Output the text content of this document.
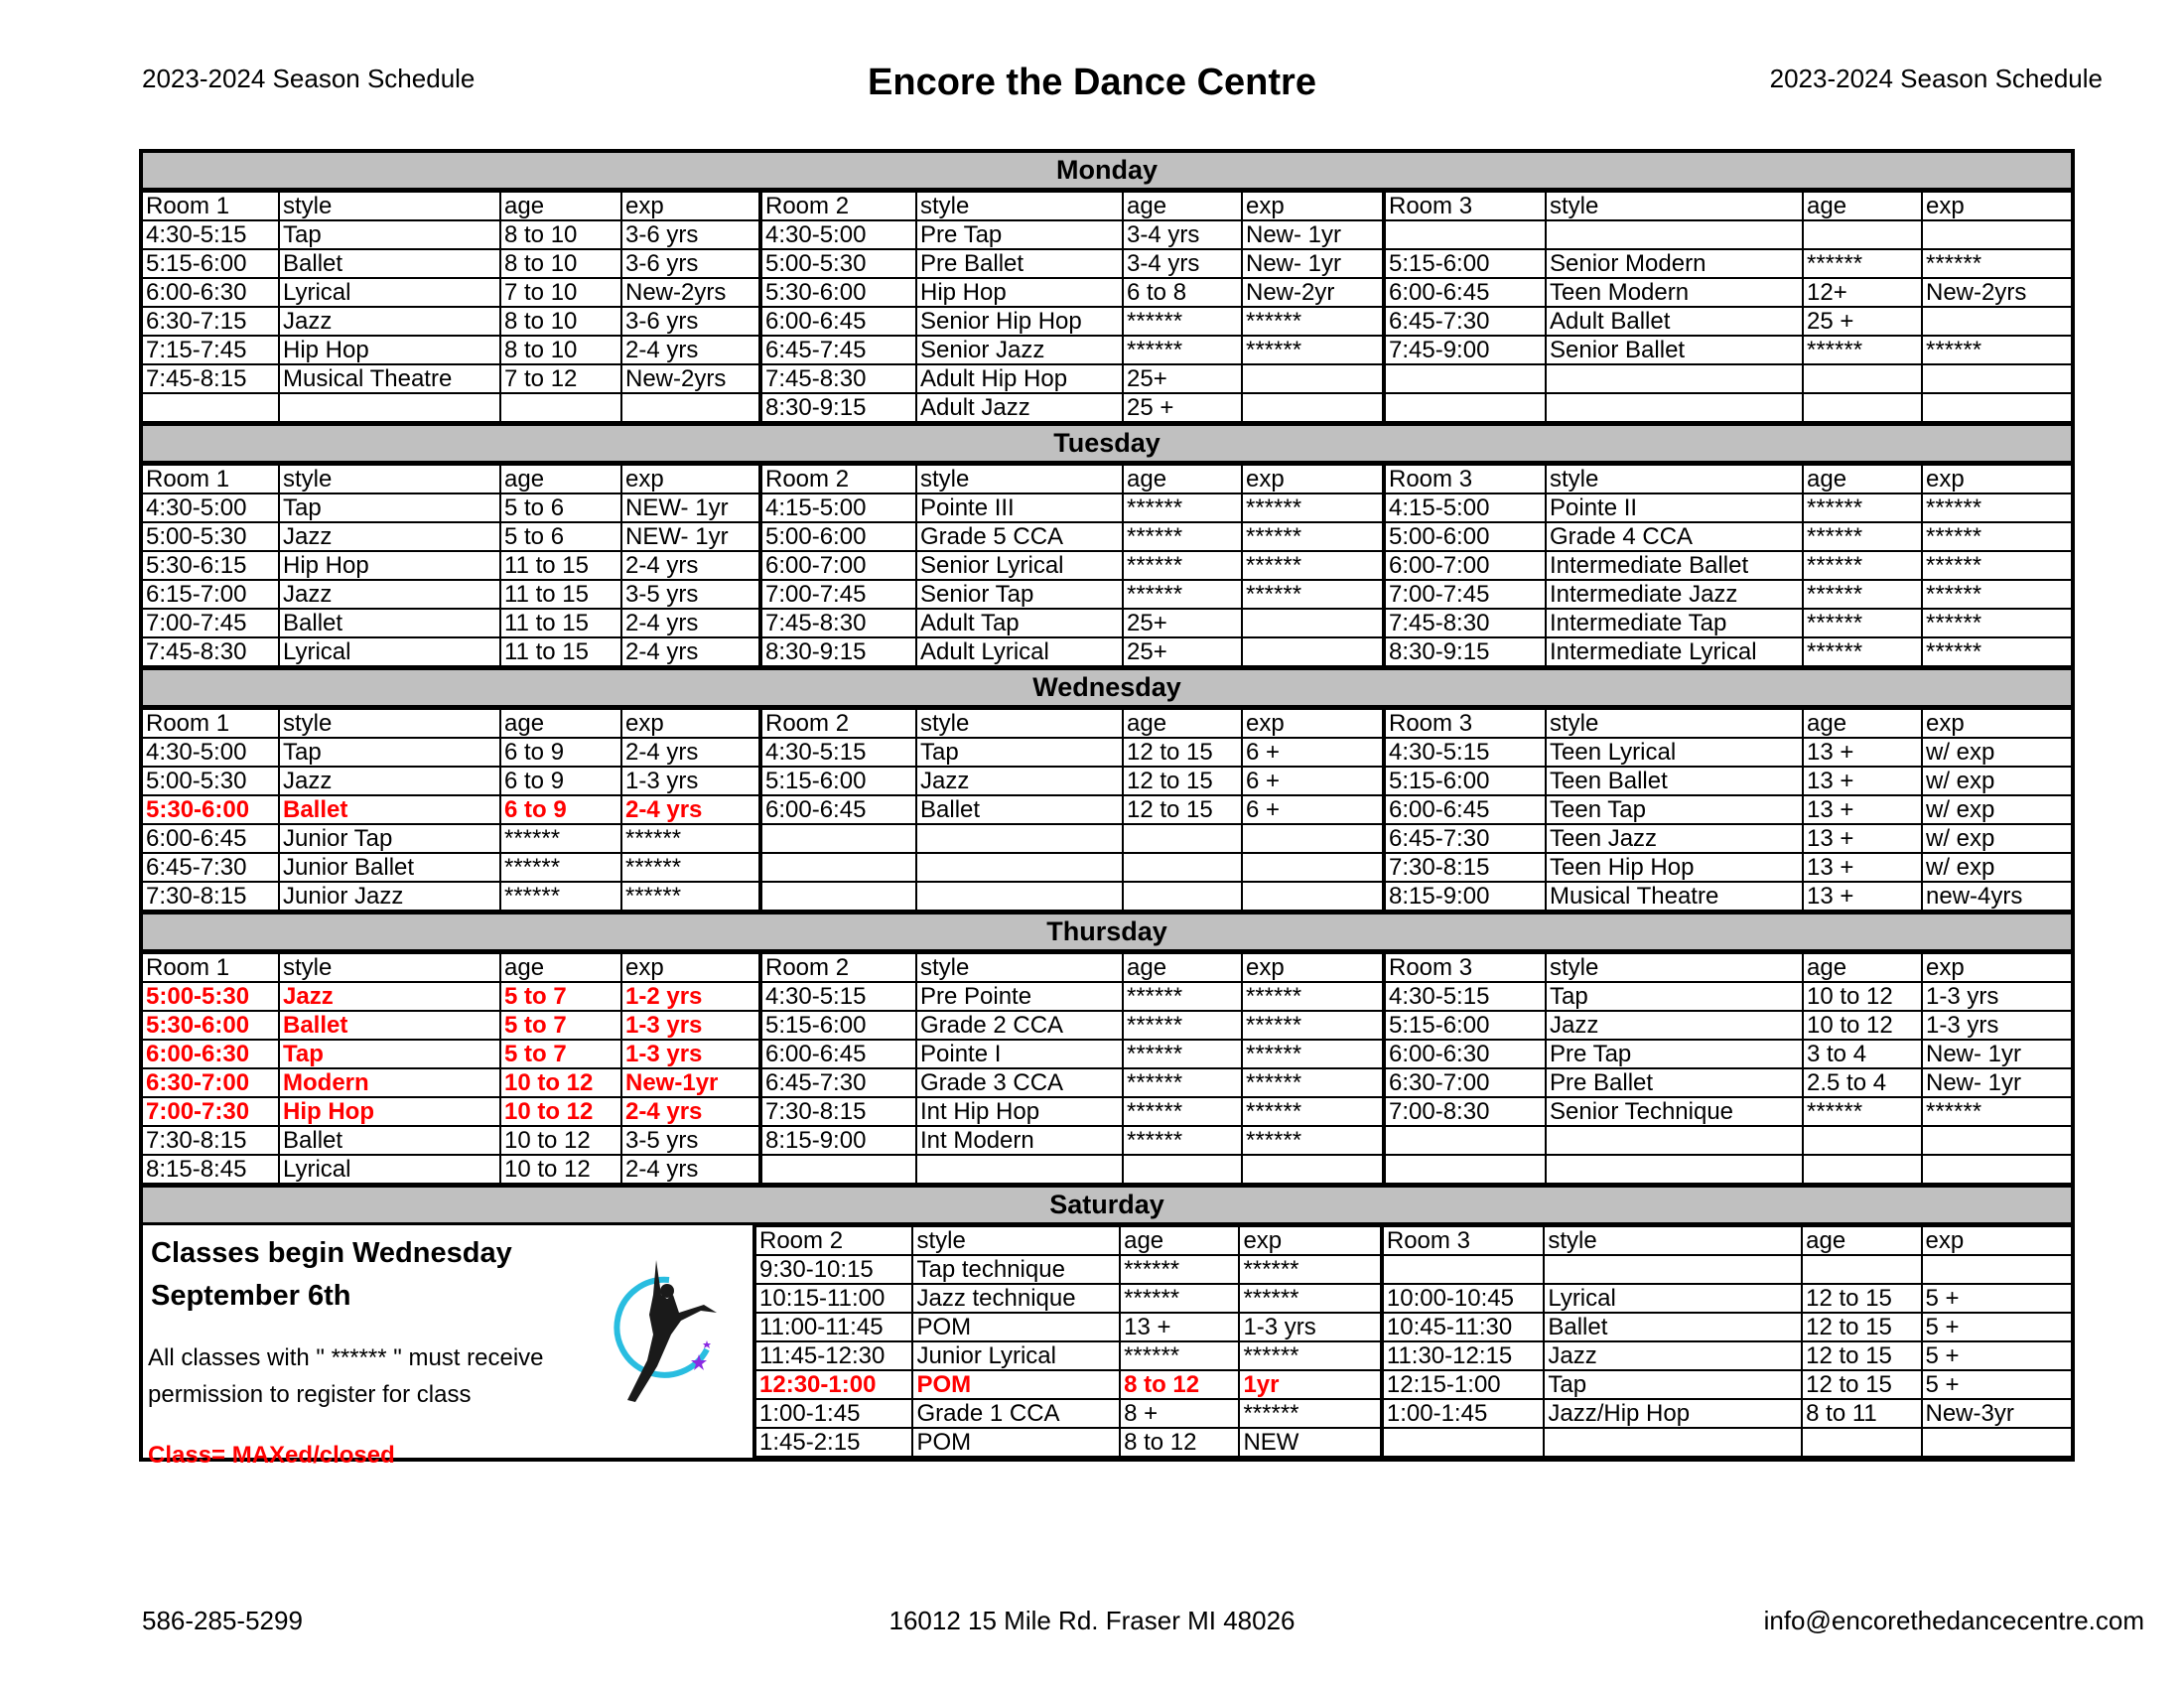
2023-2024 Season Schedule	Encore the Dance Centre	2023-2024 Season Schedule
Monday
Room 1	style	age	exp	Room 2	style	age	exp	Room 3	style	age	exp
4:30-5:15	Tap	8 to 10	3-6 yrs	4:30-5:00	Pre Tap	3-4 yrs	New- 1yr				
5:15-6:00	Ballet	8 to 10	3-6 yrs	5:00-5:30	Pre Ballet	3-4 yrs	New- 1yr	5:15-6:00	Senior Modern	******	******
6:00-6:30	Lyrical	7 to 10	New-2yrs	5:30-6:00	Hip Hop	6 to 8	New-2yr	6:00-6:45	Teen Modern	12+	New-2yrs
6:30-7:15	Jazz	8 to 10	3-6 yrs	6:00-6:45	Senior Hip Hop	******	******	6:45-7:30	Adult Ballet	25 +	
7:15-7:45	Hip Hop	8 to 10	2-4 yrs	6:45-7:45	Senior Jazz	******	******	7:45-9:00	Senior Ballet	******	******
7:45-8:15	Musical Theatre	7 to 12	New-2yrs	7:45-8:30	Adult Hip Hop	25+					
				8:30-9:15	Adult Jazz	25 +					
Tuesday
Room 1	style	age	exp	Room 2	style	age	exp	Room 3	style	age	exp
4:30-5:00	Tap	5 to 6	NEW- 1yr	4:15-5:00	Pointe III	******	******	4:15-5:00	Pointe II	******	******
5:00-5:30	Jazz	5 to 6	NEW- 1yr	5:00-6:00	Grade 5 CCA	******	******	5:00-6:00	Grade 4 CCA	******	******
5:30-6:15	Hip Hop	11 to 15	2-4 yrs	6:00-7:00	Senior Lyrical	******	******	6:00-7:00	Intermediate Ballet	******	******
6:15-7:00	Jazz	11 to 15	3-5 yrs	7:00-7:45	Senior Tap	******	******	7:00-7:45	Intermediate Jazz	******	******
7:00-7:45	Ballet	11 to 15	2-4 yrs	7:45-8:30	Adult Tap	25+		7:45-8:30	Intermediate Tap	******	******
7:45-8:30	Lyrical	11 to 15	2-4 yrs	8:30-9:15	Adult Lyrical	25+		8:30-9:15	Intermediate Lyrical	******	******
Wednesday
Room 1	style	age	exp	Room 2	style	age	exp	Room 3	style	age	exp
4:30-5:00	Tap	6 to 9	2-4 yrs	4:30-5:15	Tap	12 to 15	6 +	4:30-5:15	Teen Lyrical	13 +	w/ exp
5:00-5:30	Jazz	6 to 9	1-3 yrs	5:15-6:00	Jazz	12 to 15	6 +	5:15-6:00	Teen Ballet	13 +	w/ exp
5:30-6:00	Ballet	6 to 9	2-4 yrs	6:00-6:45	Ballet	12 to 15	6 +	6:00-6:45	Teen Tap	13 +	w/ exp
6:00-6:45	Junior Tap	******	******					6:45-7:30	Teen Jazz	13 +	w/ exp
6:45-7:30	Junior Ballet	******	******					7:30-8:15	Teen Hip Hop	13 +	w/ exp
7:30-8:15	Junior Jazz	******	******					8:15-9:00	Musical Theatre	13 +	new-4yrs
Thursday
Room 1	style	age	exp	Room 2	style	age	exp	Room 3	style	age	exp
5:00-5:30	Jazz	5 to 7	1-2 yrs	4:30-5:15	Pre Pointe	******	******	4:30-5:15	Tap	10 to 12	1-3 yrs
5:30-6:00	Ballet	5 to 7	1-3 yrs	5:15-6:00	Grade 2 CCA	******	******	5:15-6:00	Jazz	10 to 12	1-3 yrs
6:00-6:30	Tap	5 to 7	1-3 yrs	6:00-6:45	Pointe I	******	******	6:00-6:30	Pre Tap	3 to 4	New- 1yr
6:30-7:00	Modern	10 to 12	New-1yr	6:45-7:30	Grade 3 CCA	******	******	6:30-7:00	Pre Ballet	2.5 to 4	New- 1yr
7:00-7:30	Hip Hop	10 to 12	2-4 yrs	7:30-8:15	Int Hip Hop	******	******	7:00-8:30	Senior Technique	******	******
7:30-8:15	Ballet	10 to 12	3-5 yrs	8:15-9:00	Int Modern	******	******				
8:15-8:45	Lyrical	10 to 12	2-4 yrs								
Saturday
Classes begin Wednesday
September 6th
All classes with " ****** " must receive
permission to register for class
Class= MAXed/closed
Room 2	style	age	exp	Room 3	style	age	exp
9:30-10:15	Tap technique	******	******				
10:15-11:00	Jazz technique	******	******	10:00-10:45	Lyrical	12 to 15	5 +
11:00-11:45	POM	13 +	1-3 yrs	10:45-11:30	Ballet	12 to 15	5 +
11:45-12:30	Junior Lyrical	******	******	11:30-12:15	Jazz	12 to 15	5 +
12:30-1:00	POM	8 to 12	1yr	12:15-1:00	Tap	12 to 15	5 +
1:00-1:45	Grade 1 CCA	8 +	******	1:00-1:45	Jazz/Hip Hop	8 to 11	New-3yr
1:45-2:15	POM	8 to 12	NEW				
586-285-5299	16012 15 Mile Rd. Fraser MI 48026	info@encorethedancecentre.com
